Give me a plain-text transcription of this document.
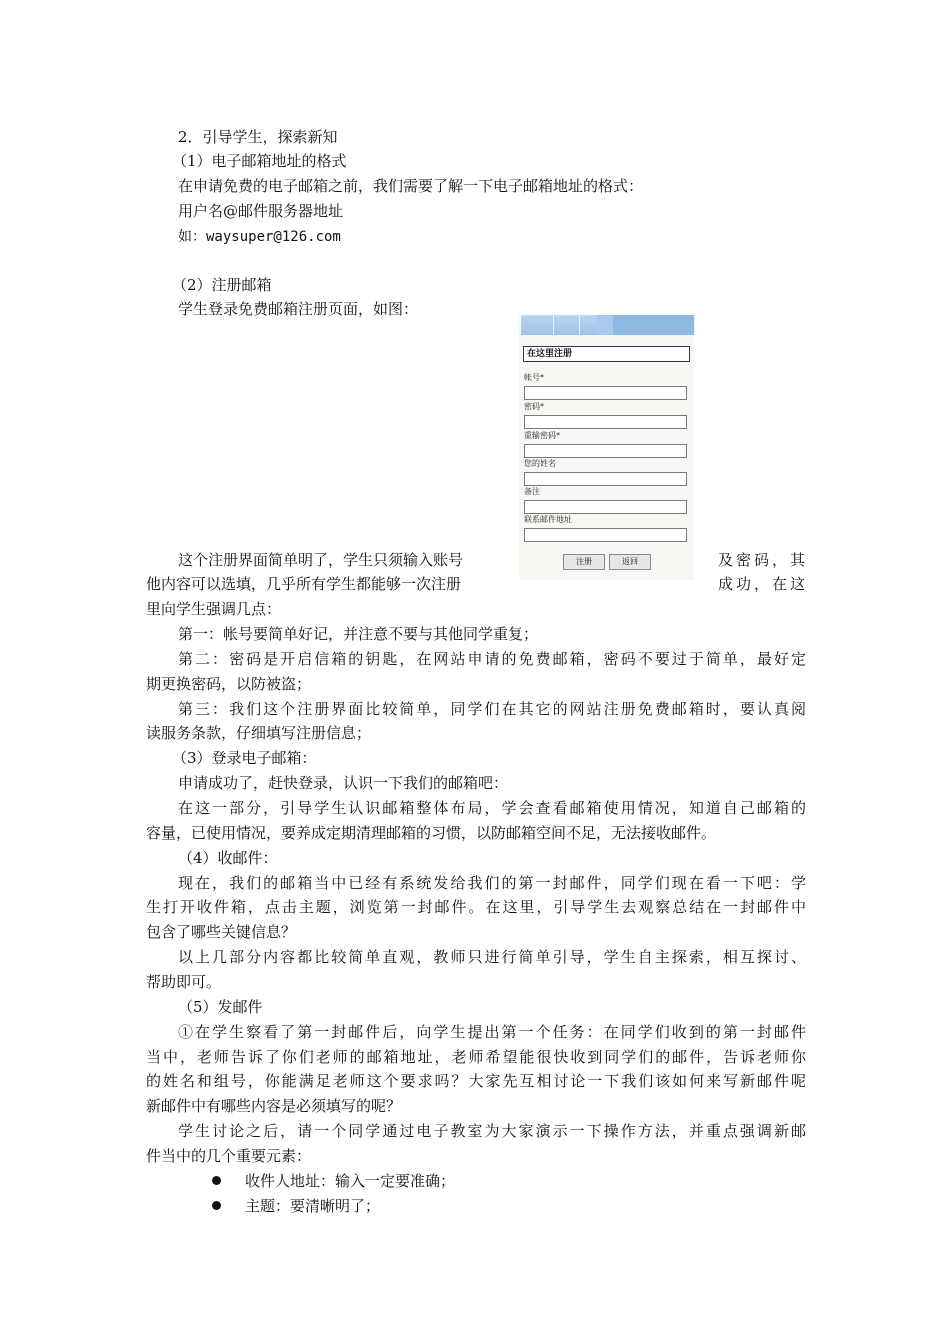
2．引导学生，探索新知
（1）电子邮箱地址的格式
在申请免费的电子邮箱之前，我们需要了解一下电子邮箱地址的格式：
用户名@邮件服务器地址
如：waysuper@126.com
（2）注册邮箱
学生登录免费邮箱注册页面，如图：
在这里注册
帐号*
密码*
重输密码*
您的姓名
备注
联系邮件地址
注册	返回
这个注册界面简单明了，学生只须输入账号	及密码，其
他内容可以选填，几乎所有学生都能够一次注册	成功，在这
里向学生强调几点：
第一：帐号要简单好记，并注意不要与其他同学重复；
第二：密码是开启信箱的钥匙，在网站申请的免费邮箱，密码不要过于简单，最好定
期更换密码，以防被盗；
第三：我们这个注册界面比较简单，同学们在其它的网站注册免费邮箱时，要认真阅
读服务条款，仔细填写注册信息；
（3）登录电子邮箱：
申请成功了，赶快登录，认识一下我们的邮箱吧：
在这一部分，引导学生认识邮箱整体布局，学会查看邮箱使用情况，知道自己邮箱的
容量，已使用情况，要养成定期清理邮箱的习惯，以防邮箱空间不足，无法接收邮件。
（4）收邮件：
现在，我们的邮箱当中已经有系统发给我们的第一封邮件，同学们现在看一下吧：学
生打开收件箱，点击主题，浏览第一封邮件。在这里，引导学生去观察总结在一封邮件中
包含了哪些关键信息？
以上几部分内容都比较简单直观，教师只进行简单引导，学生自主探索，相互探讨、
帮助即可。
（5）发邮件
①在学生察看了第一封邮件后，向学生提出第一个任务：在同学们收到的第一封邮件
当中，老师告诉了你们老师的邮箱地址，老师希望能很快收到同学们的邮件，告诉老师你
的姓名和组号，你能满足老师这个要求吗？大家先互相讨论一下我们该如何来写新邮件呢
新邮件中有哪些内容是必须填写的呢？
学生讨论之后，请一个同学通过电子教室为大家演示一下操作方法，并重点强调新邮
件当中的几个重要元素：
收件人地址：输入一定要准确；
主题：要清晰明了；
